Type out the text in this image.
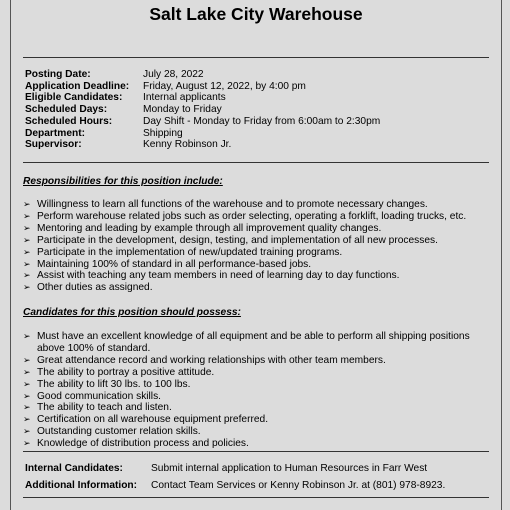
Salt Lake City Warehouse
Posting Date:	July 28, 2022
Application Deadline:	Friday, August 12, 2022, by 4:00 pm
Eligible Candidates:	Internal applicants
Scheduled Days:	Monday to Friday
Scheduled Hours:	Day Shift - Monday to Friday from 6:00am to 2:30pm
Department:	Shipping
Supervisor:	Kenny Robinson Jr.
Responsibilities for this position include:
➢ Willingness to learn all functions of the warehouse and to promote necessary changes.
➢ Perform warehouse related jobs such as order selecting, operating a forklift, loading trucks, etc.
➢ Mentoring and leading by example through all improvement quality changes.
➢ Participate in the development, design, testing, and implementation of all new processes.
➢ Participate in the implementation of new/updated training programs.
➢ Maintaining 100% of standard in all performance-based jobs.
➢ Assist with teaching any team members in need of learning day to day functions.
➢ Other duties as assigned.
Candidates for this position should possess:
➢ Must have an excellent knowledge of all equipment and be able to perform all shipping positions above 100% of standard.
➢ Great attendance record and working relationships with other team members.
➢ The ability to portray a positive attitude.
➢ The ability to lift 30 lbs. to 100 lbs.
➢ Good communication skills.
➢ The ability to teach and listen.
➢ Certification on all warehouse equipment preferred.
➢ Outstanding customer relation skills.
➢ Knowledge of distribution process and policies.
Internal Candidates:	Submit internal application to Human Resources in Farr West
Additional Information:	Contact Team Services or Kenny Robinson Jr. at (801) 978-8923.
